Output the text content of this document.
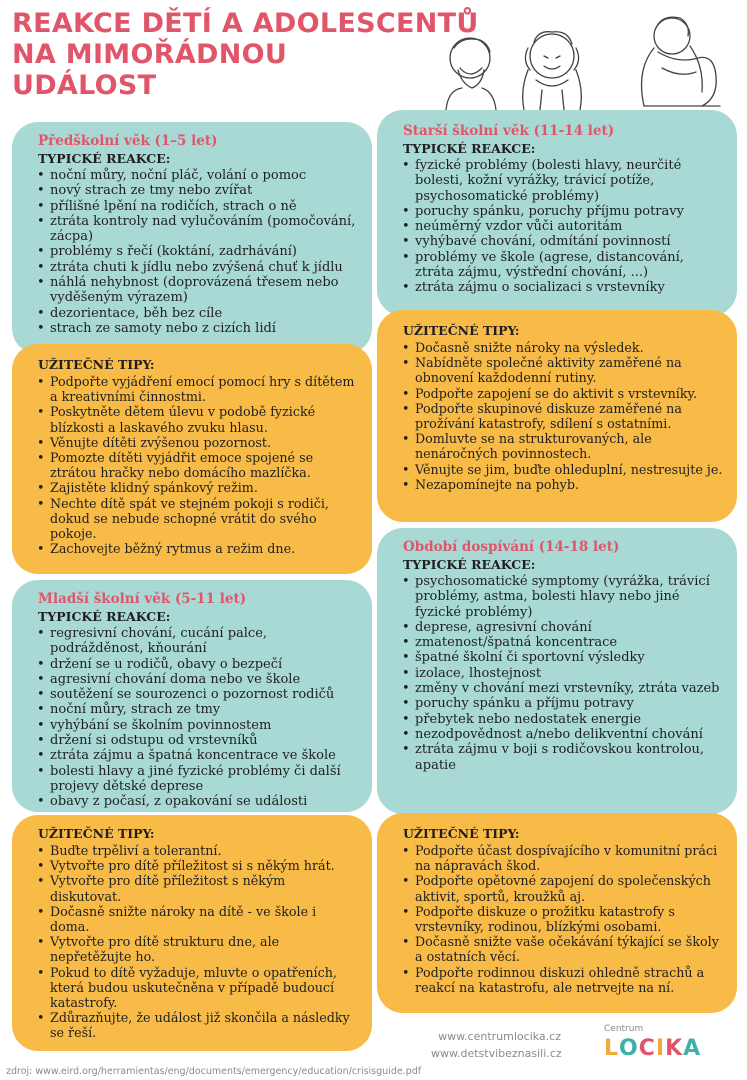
REAKCE DĚTÍ A ADOLESCENTŮ
NA MIMOŘÁDNOU
UDÁLOST
Předškolní věk (1–5 let)
TYPICKÉ REAKCE:
• noční můry, noční pláč, volání o pomoc
• nový strach ze tmy nebo zvířat
• přílišné lpění na rodičích, strach o ně
• ztráta kontroly nad vylučováním (pomočování, zácpa)
• problémy s řečí (koktání, zadrhávání)
• ztráta chuti k jídlu nebo zvýšená chuť k jídlu
• náhlá nehybnost (doprovázená třesem nebo vyděšeným výrazem)
• dezorientace, běh bez cíle
• strach ze samoty nebo z cizích lidí
UŽITEČNÉ TIPY:
• Podpořte vyjádření emocí pomocí hry s dítětem a kreativními činnostmi.
• Poskytněte dětem úlevu v podobě fyzické blízkosti a laskavého zvuku hlasu.
• Věnujte dítěti zvýšenou pozornost.
• Pomozte dítěti vyjádřit emoce spojené se ztrátou hračky nebo domácího mazlíčka.
• Zajistěte klidný spánkový režim.
• Nechte dítě spát ve stejném pokoji s rodiči, dokud se nebude schopné vrátit do svého pokoje.
• Zachovejte běžný rytmus a režim dne.
Mladší školní věk (5-11 let)
TYPICKÉ REAKCE:
• regresivní chování, cucání palce, podrážděnost, kňourání
• držení se u rodičů, obavy o bezpečí
• agresivní chování doma nebo ve škole
• soutěžení se sourozenci o pozornost rodičů
• noční můry, strach ze tmy
• vyhýbání se školním povinnostem
• držení si odstupu od vrstevníků
• ztráta zájmu a špatná koncentrace ve škole
• bolesti hlavy a jiné fyzické problémy či další projevy dětské deprese
• obavy z počasí, z opakování se události
UŽITEČNÉ TIPY:
• Buďte trpěliví a tolerantní.
• Vytvořte pro dítě příležitost si s někým hrát.
• Vytvořte pro dítě příležitost s někým diskutovat.
• Dočasně snižte nároky na dítě - ve škole i doma.
• Vytvořte pro dítě strukturu dne, ale nepřetěžujte ho.
• Pokud to dítě vyžaduje, mluvte o opatřeních, která budou uskutečněna v případě budoucí katastrofy.
• Zdůrazňujte, že událost již skončila a následky se řeší.
Starší školní věk (11-14 let)
TYPICKÉ REAKCE:
• fyzické problémy (bolesti hlavy, neurčité bolesti, kožní vyrážky, trávicí potíže, psychosomatické problémy)
• poruchy spánku, poruchy příjmu potravy
• neúměrný vzdor vůči autoritám
• vyhýbavé chování, odmítání povinností
• problémy ve škole (agrese, distancování, ztráta zájmu, výstřední chování, ...)
• ztráta zájmu o socializaci s vrstevníky
UŽITEČNÉ TIPY:
• Dočasně snižte nároky na výsledek.
• Nabídněte společné aktivity zaměřené na obnovení každodenní rutiny.
• Podpořte zapojení se do aktivit s vrstevníky.
• Podpořte skupinové diskuze zaměřené na prožívání katastrofy, sdílení s ostatními.
• Domluvte se na strukturovaných, ale nenáročných povinnostech.
• Věnujte se jim, buďte ohleduplní, nestresujte je.
• Nezapomínejte na pohyb.
Období dospívání (14-18 let)
TYPICKÉ REAKCE:
• psychosomatické symptomy (vyrážka, trávicí problémy, astma, bolesti hlavy nebo jiné fyzické problémy)
• deprese, agresivní chování
• zmatenost/špatná koncentrace
• špatné školní či sportovní výsledky
• izolace, lhostejnost
• změny v chování mezi vrstevníky, ztráta vazeb
• poruchy spánku a příjmu potravy
• přebytek nebo nedostatek energie
• nezodpovědnost a/nebo delikventní chování
• ztráta zájmu v boji s rodičovskou kontrolou, apatie
UŽITEČNÉ TIPY:
• Podpořte účast dospívajícího v komunitní práci na nápravách škod.
• Podpořte opětovné zapojení do společenských aktivit, sportů, kroužků aj.
• Podpořte diskuze o prožitku katastrofy s vrstevníky, rodinou, blízkými osobami.
• Dočasně snižte vaše očekávání týkající se školy a ostatních věcí.
• Podpořte rodinnou diskuzi ohledně strachů a reakcí na katastrofu, ale netrvejte na ní.
www.centrumlocika.cz
www.detstvibeznasili.cz
Centrum
L O C I K A
zdroj: www.eird.org/herramientas/eng/documents/emergency/education/crisisguide.pdf
